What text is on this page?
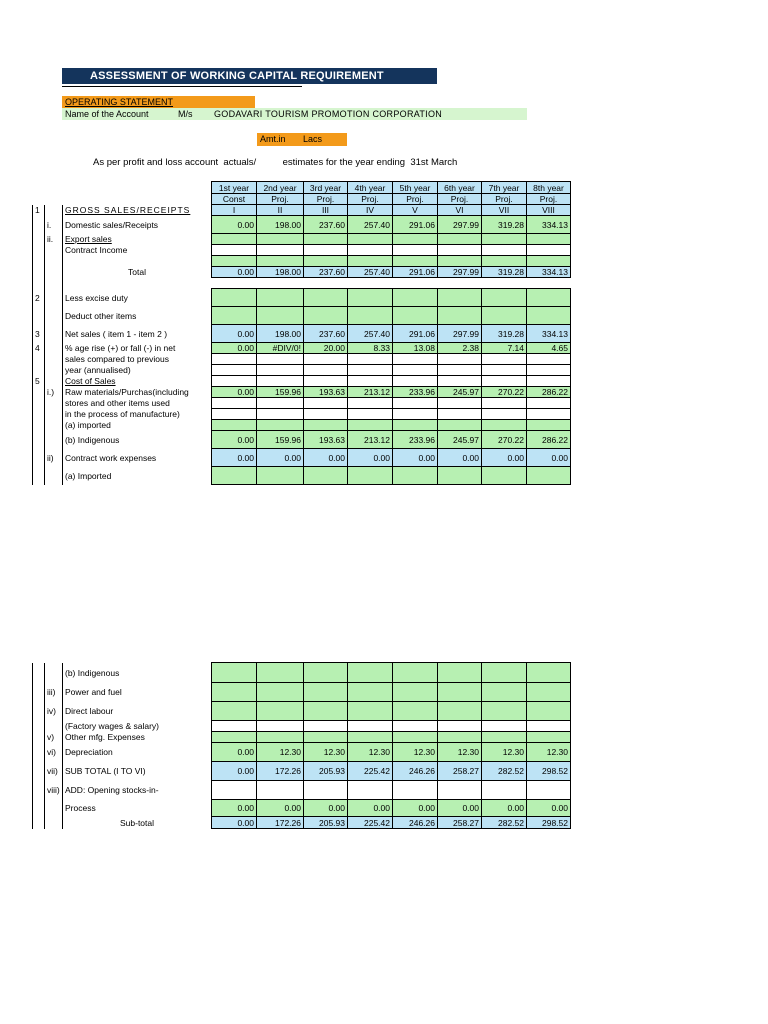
ASSESSMENT OF WORKING CAPITAL REQUIREMENT
OPERATING STATEMENT
Name of the Account	M/s GODAVARI TOURISM PROMOTION CORPORATION
Amt.in Lacs
As per profit and loss account  actuals/          estimates for the year ending  31st March
			1st year	2nd year	3rd year	4th year	5th year	6th year	7th year	8th year
			Const	Proj.	Proj.	Proj.	Proj.	Proj.	Proj.	Proj.
1		GROSS SALES/RECEIPTS	I	II	III	IV	V	VI	VII	VIII
	i.	Domestic sales/Receipts	0.00	198.00	237.60	257.40	291.06	297.99	319.28	334.13
	ii.	Export sales								
		Contract Income								

		Total	0.00	198.00	237.60	257.40	291.06	297.99	319.28	334.13

2		Less excise duty								
		Deduct other items								
3		Net sales ( item 1 - item 2 )	0.00	198.00	237.60	257.40	291.06	297.99	319.28	334.13
4		% age rise (+) or fall (-) in net	0.00	#DIV/0!	20.00	8.33	13.08	2.38	7.14	4.65
		sales compared to previous								
		year (annualised)								
5		Cost of Sales								
	i.)	Raw materials/Purchas(including	0.00	159.96	193.63	213.12	233.96	245.97	270.22	286.22
		stores and other items used								
		in the process of manufacture)								
		(a) imported								
		(b) Indigenous	0.00	159.96	193.63	213.12	233.96	245.97	270.22	286.22
	ii)	Contract work expenses	0.00	0.00	0.00	0.00	0.00	0.00	0.00	0.00
		(a) Imported								
		(b) Indigenous								
	iii)	Power and fuel								
	iv)	Direct labour								
		(Factory wages & salary)								
	v)	Other mfg. Expenses								
	vi)	Depreciation	0.00	12.30	12.30	12.30	12.30	12.30	12.30	12.30
	vii)	SUB TOTAL (I TO VI)	0.00	172.26	205.93	225.42	246.26	258.27	282.52	298.52
	viii)	ADD: Opening stocks-in-								
		Process	0.00	0.00	0.00	0.00	0.00	0.00	0.00	0.00
		Sub-total	0.00	172.26	205.93	225.42	246.26	258.27	282.52	298.52
